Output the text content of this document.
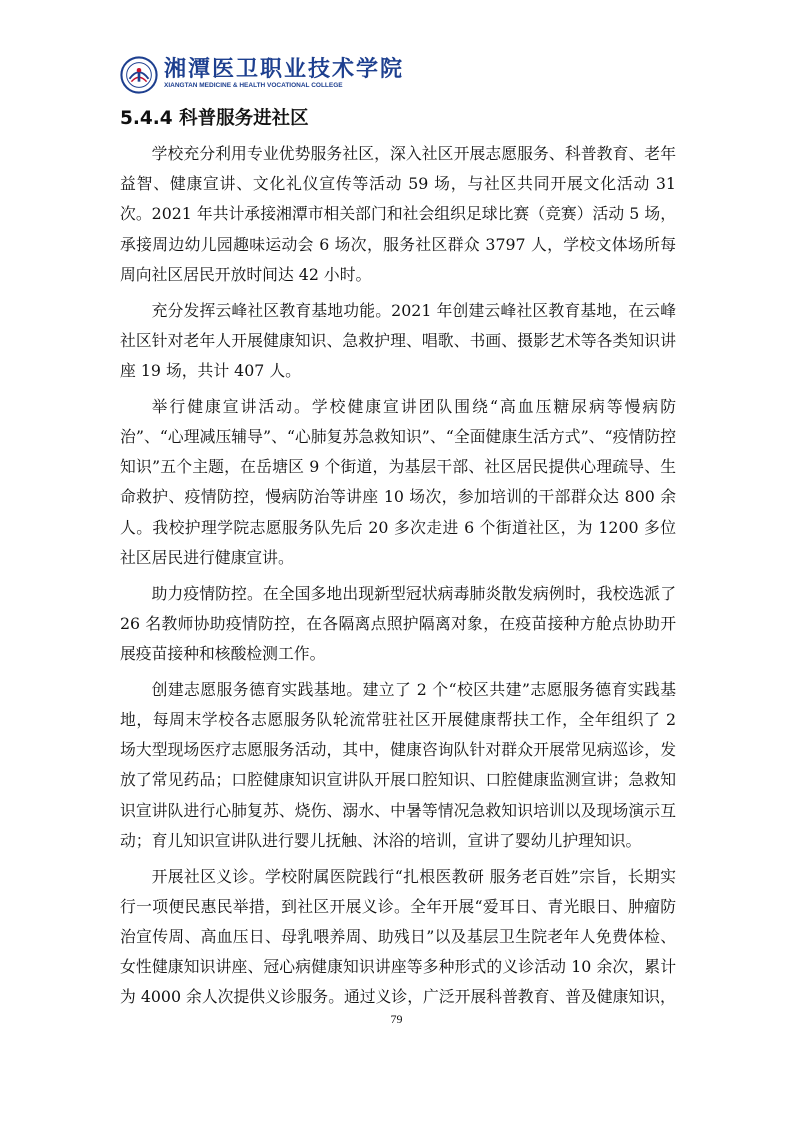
湘潭医卫职业技术学院
XIANGTAN MEDICINE & HEALTH VOCATIONAL COLLEGE
5.4.4 科普服务进社区

学校充分利用专业优势服务社区，深入社区开展志愿服务、科普教育、老年益智、健康宣讲、文化礼仪宣传等活动 59 场，与社区共同开展文化活动 31 次。2021 年共计承接湘潭市相关部门和社会组织足球比赛（竞赛）活动 5 场，承接周边幼儿园趣味运动会 6 场次，服务社区群众 3797 人，学校文体场所每周向社区居民开放时间达 42 小时。

充分发挥云峰社区教育基地功能。2021 年创建云峰社区教育基地，在云峰社区针对老年人开展健康知识、急救护理、唱歌、书画、摄影艺术等各类知识讲座 19 场，共计 407 人。

举行健康宣讲活动。学校健康宣讲团队围绕“高血压糖尿病等慢病防治”、“心理减压辅导”、“心肺复苏急救知识”、“全面健康生活方式”、“疫情防控知识”五个主题，在岳塘区 9 个街道，为基层干部、社区居民提供心理疏导、生命救护、疫情防控，慢病防治等讲座 10 场次，参加培训的干部群众达 800 余人。我校护理学院志愿服务队先后 20 多次走进 6 个街道社区，为 1200 多位社区居民进行健康宣讲。

助力疫情防控。在全国多地出现新型冠状病毒肺炎散发病例时，我校选派了 26 名教师协助疫情防控，在各隔离点照护隔离对象，在疫苗接种方舱点协助开展疫苗接种和核酸检测工作。

创建志愿服务德育实践基地。建立了 2 个“校区共建”志愿服务德育实践基地，每周末学校各志愿服务队轮流常驻社区开展健康帮扶工作，全年组织了 2 场大型现场医疗志愿服务活动，其中，健康咨询队针对群众开展常见病巡诊，发放了常见药品；口腔健康知识宣讲队开展口腔知识、口腔健康监测宣讲；急救知识宣讲队进行心肺复苏、烧伤、溺水、中暑等情况急救知识培训以及现场演示互动；育儿知识宣讲队进行婴儿抚触、沐浴的培训，宣讲了婴幼儿护理知识。

开展社区义诊。学校附属医院践行“扎根医教研 服务老百姓”宗旨，长期实行一项便民惠民举措，到社区开展义诊。全年开展“爱耳日、青光眼日、肿瘤防治宣传周、高血压日、母乳喂养周、助残日”以及基层卫生院老年人免费体检、女性健康知识讲座、冠心病健康知识讲座等多种形式的义诊活动 10 余次，累计为 4000 余人次提供义诊服务。通过义诊，广泛开展科普教育、普及健康知识，

79
